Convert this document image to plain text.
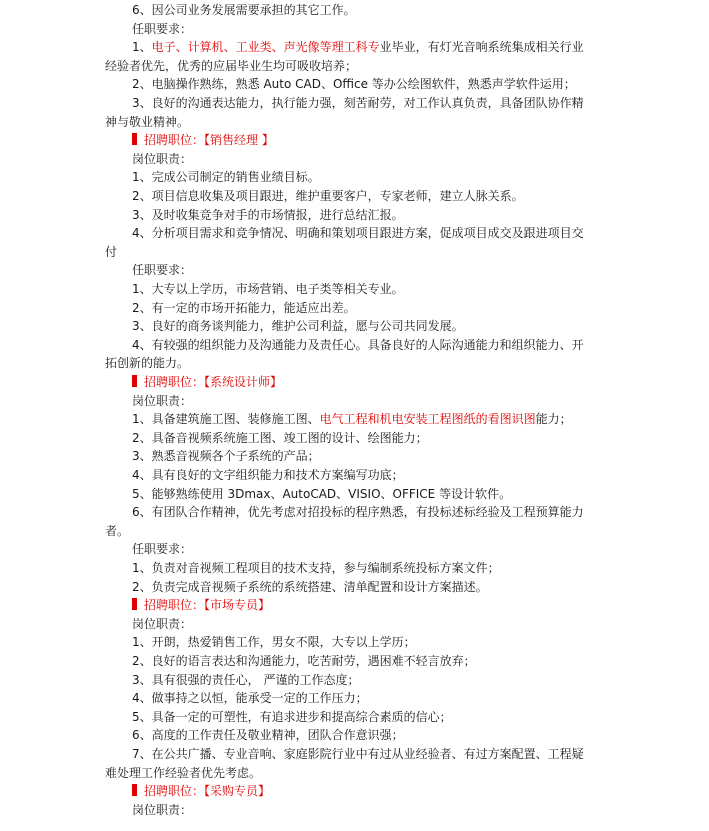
6、因公司业务发展需要承担的其它工作。
任职要求：
1、电子、计算机、工业类、声光像等理工科专业毕业，有灯光音响系统集成相关行业
经验者优先，优秀的应届毕业生均可吸收培养；
2、电脑操作熟练，熟悉 Auto CAD、Office 等办公绘图软件，熟悉声学软件运用；
3、良好的沟通表达能力，执行能力强，刻苦耐劳，对工作认真负责，具备团队协作精
神与敬业精神。
招聘职位：【销售经理 】
岗位职责：
1、完成公司制定的销售业绩目标。
2、项目信息收集及项目跟进，维护重要客户，专家老师，建立人脉关系。
3、及时收集竞争对手的市场情报，进行总结汇报。
4、分析项目需求和竞争情况、明确和策划项目跟进方案，促成项目成交及跟进项目交
付
任职要求：
1、大专以上学历，市场营销、电子类等相关专业。
2、有一定的市场开拓能力，能适应出差。
3、良好的商务谈判能力，维护公司利益，愿与公司共同发展。
4、有较强的组织能力及沟通能力及责任心。具备良好的人际沟通能力和组织能力、开
拓创新的能力。
招聘职位：【系统设计师】
岗位职责：
1、具备建筑施工图、装修施工图、电气工程和机电安装工程图纸的看图识图能力；
2、具备音视频系统施工图、竣工图的设计、绘图能力；
3、熟悉音视频各个子系统的产品；
4、具有良好的文字组织能力和技术方案编写功底；
5、能够熟练使用 3Dmax、AutoCAD、VISIO、OFFICE 等设计软件。
6、有团队合作精神，优先考虑对招投标的程序熟悉，有投标述标经验及工程预算能力
者。
任职要求：
1、负责对音视频工程项目的技术支持，参与编制系统投标方案文件；
2、负责完成音视频子系统的系统搭建、清单配置和设计方案描述。
招聘职位：【市场专员】
岗位职责：
1、开朗，热爱销售工作，男女不限，大专以上学历；
2、良好的语言表达和沟通能力，吃苦耐劳，遇困难不轻言放弃；
3、具有很强的责任心， 严谨的工作态度；
4、做事持之以恒，能承受一定的工作压力；
5、具备一定的可塑性，有追求进步和提高综合素质的信心；
6、高度的工作责任及敬业精神，团队合作意识强；
7、在公共广播、专业音响、家庭影院行业中有过从业经验者、有过方案配置、工程疑
难处理工作经验者优先考虑。
招聘职位：【采购专员】
岗位职责：
